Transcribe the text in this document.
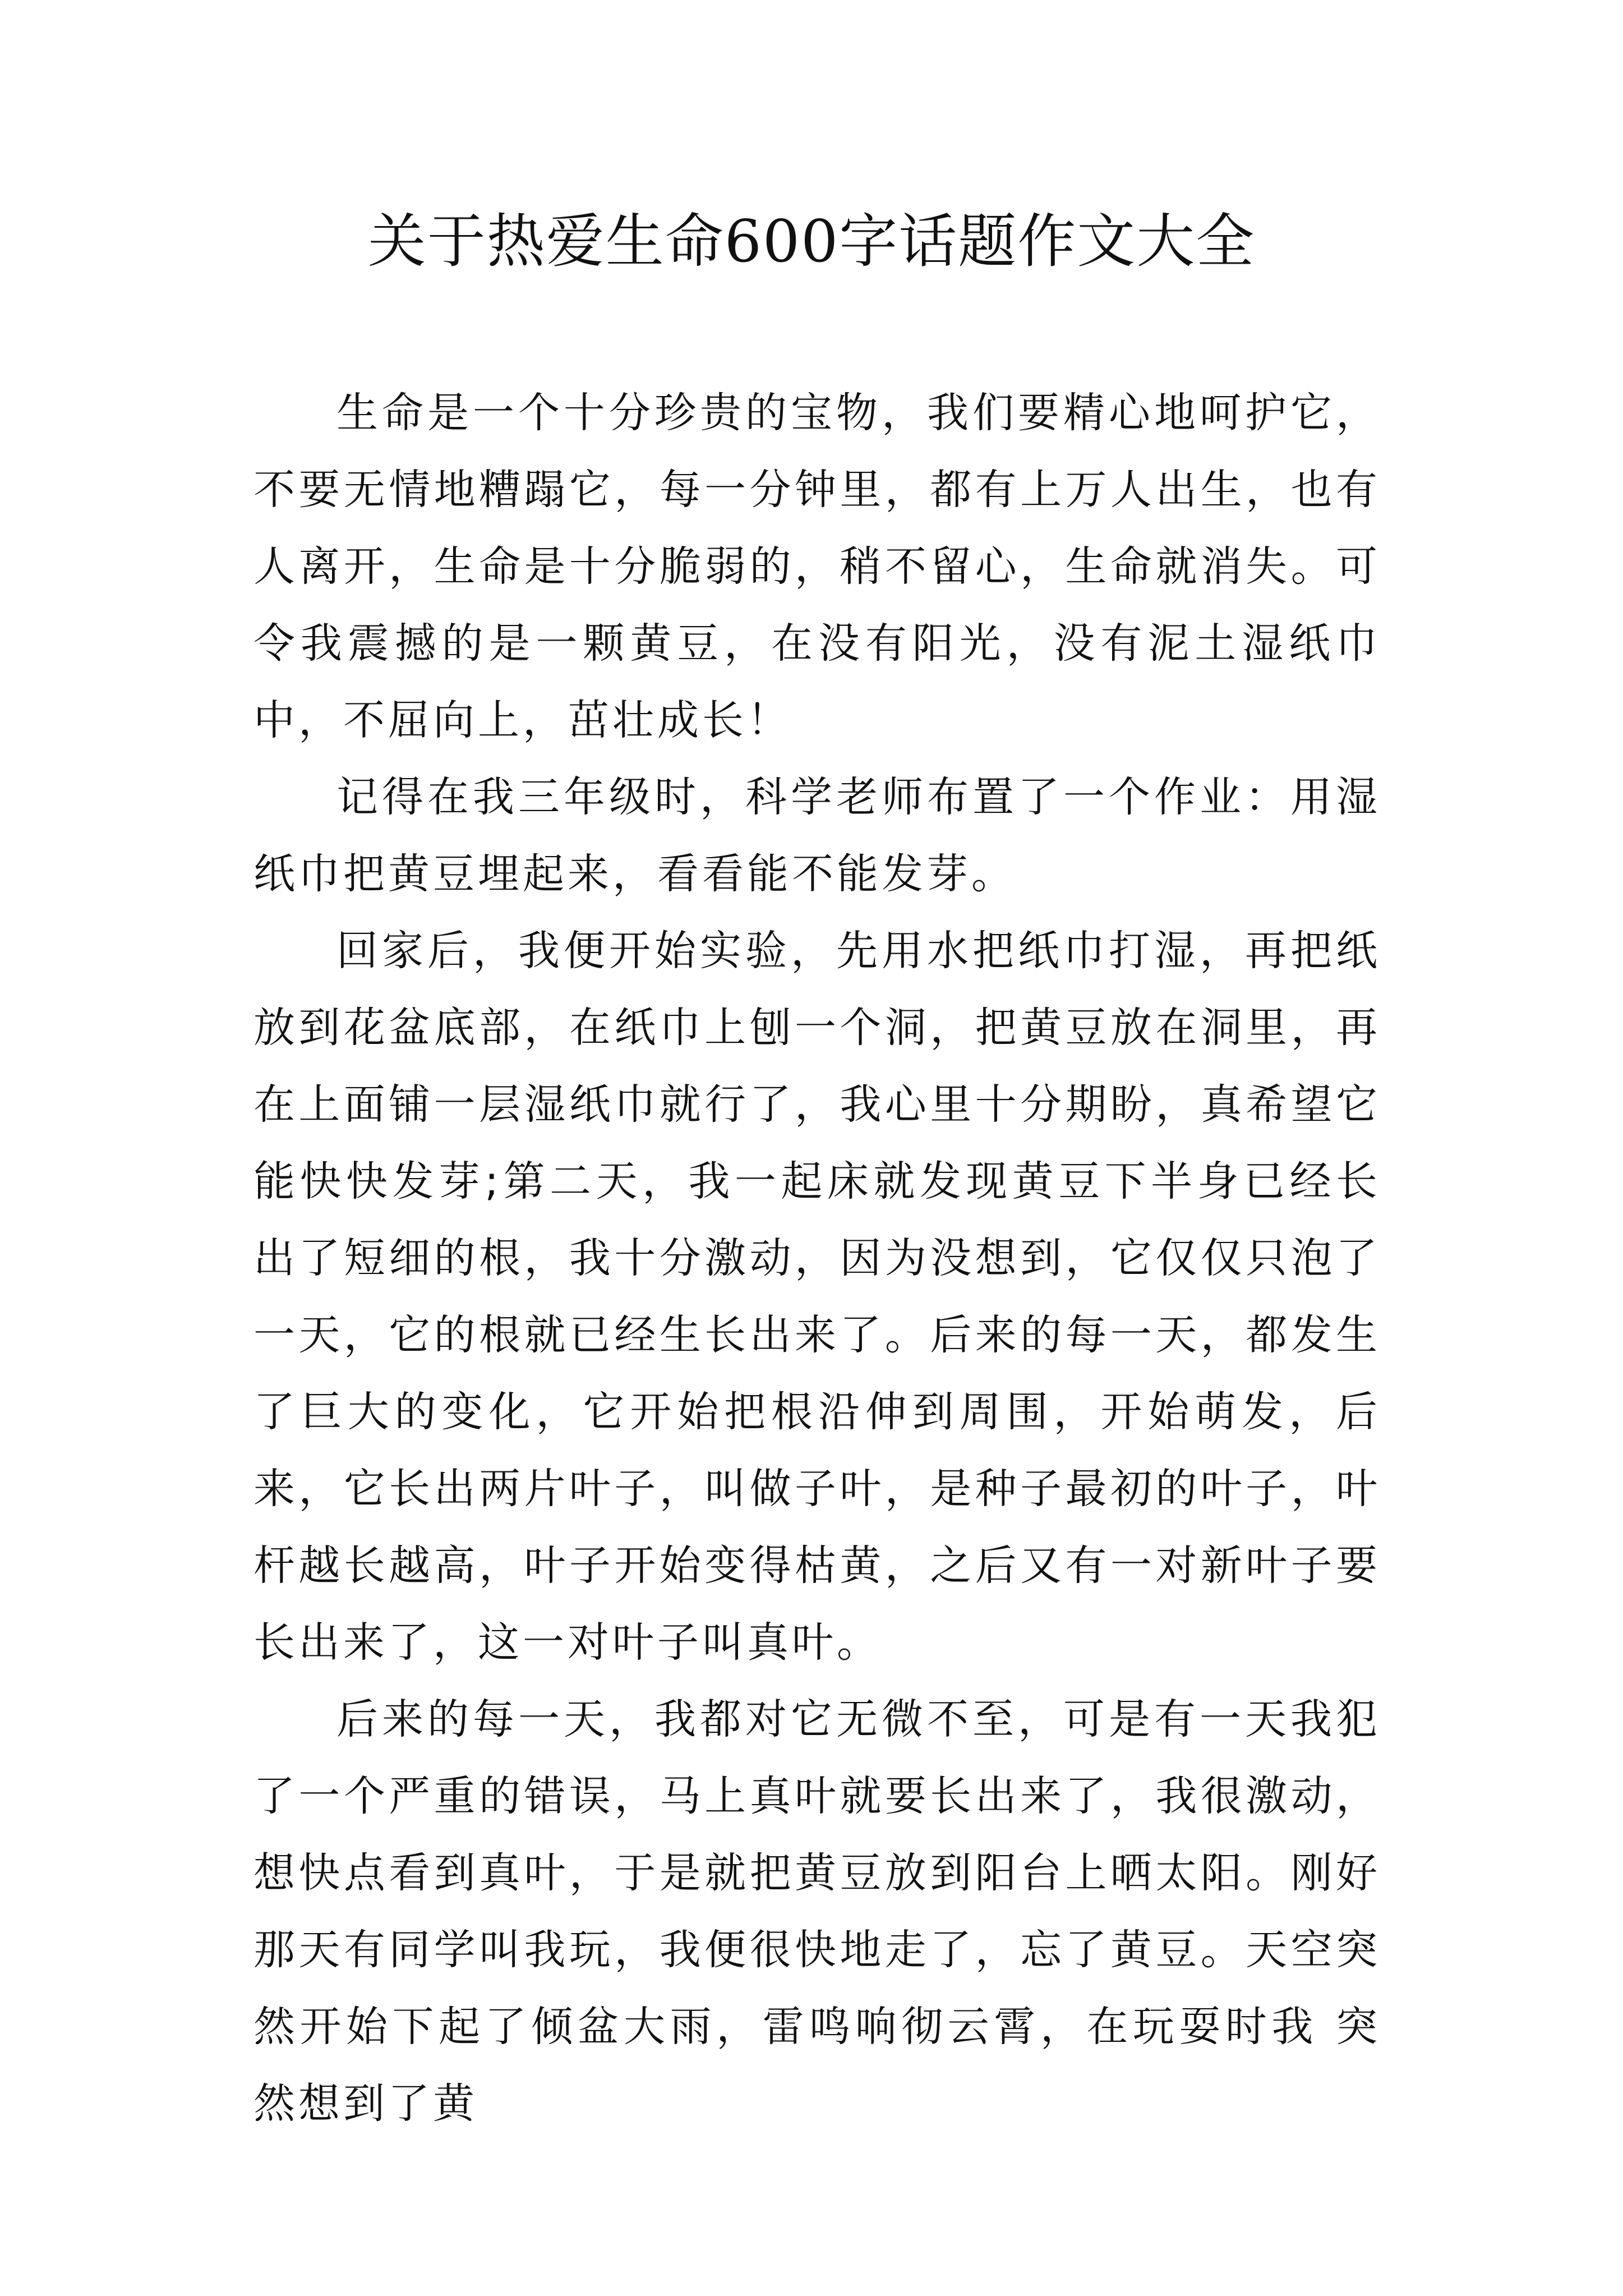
关于热爱生命600字话题作文大全

生命是一个十分珍贵的宝物，我们要精心地呵护它，不要无情地糟蹋它，每一分钟里，都有上万人出生，也有人离开，生命是十分脆弱的，稍不留心，生命就消失。可令我震撼的是一颗黄豆，在没有阳光，没有泥土湿纸巾中，不屈向上，茁壮成长！

记得在我三年级时，科学老师布置了一个作业：用湿纸巾把黄豆埋起来，看看能不能发芽。

回家后，我便开始实验，先用水把纸巾打湿，再把纸放到花盆底部，在纸巾上刨一个洞，把黄豆放在洞里，再在上面铺一层湿纸巾就行了，我心里十分期盼，真希望它能快快发芽;第二天，我一起床就发现黄豆下半身已经长出了短细的根，我十分激动，因为没想到，它仅仅只泡了一天，它的根就已经生长出来了。后来的每一天，都发生了巨大的变化，它开始把根沿伸到周围，开始萌发，后来，它长出两片叶子，叫做子叶，是种子最初的叶子，叶杆越长越高，叶子开始变得枯黄，之后又有一对新叶子要长出来了，这一对叶子叫真叶。

后来的每一天，我都对它无微不至，可是有一天我犯了一个严重的错误，马上真叶就要长出来了，我很激动，想快点看到真叶，于是就把黄豆放到阳台上晒太阳。刚好那天有同学叫我玩，我便很快地走了，忘了黄豆。天空突然开始下起了倾盆大雨，雷鸣响彻云霄，在玩耍时我 突然想到了黄
